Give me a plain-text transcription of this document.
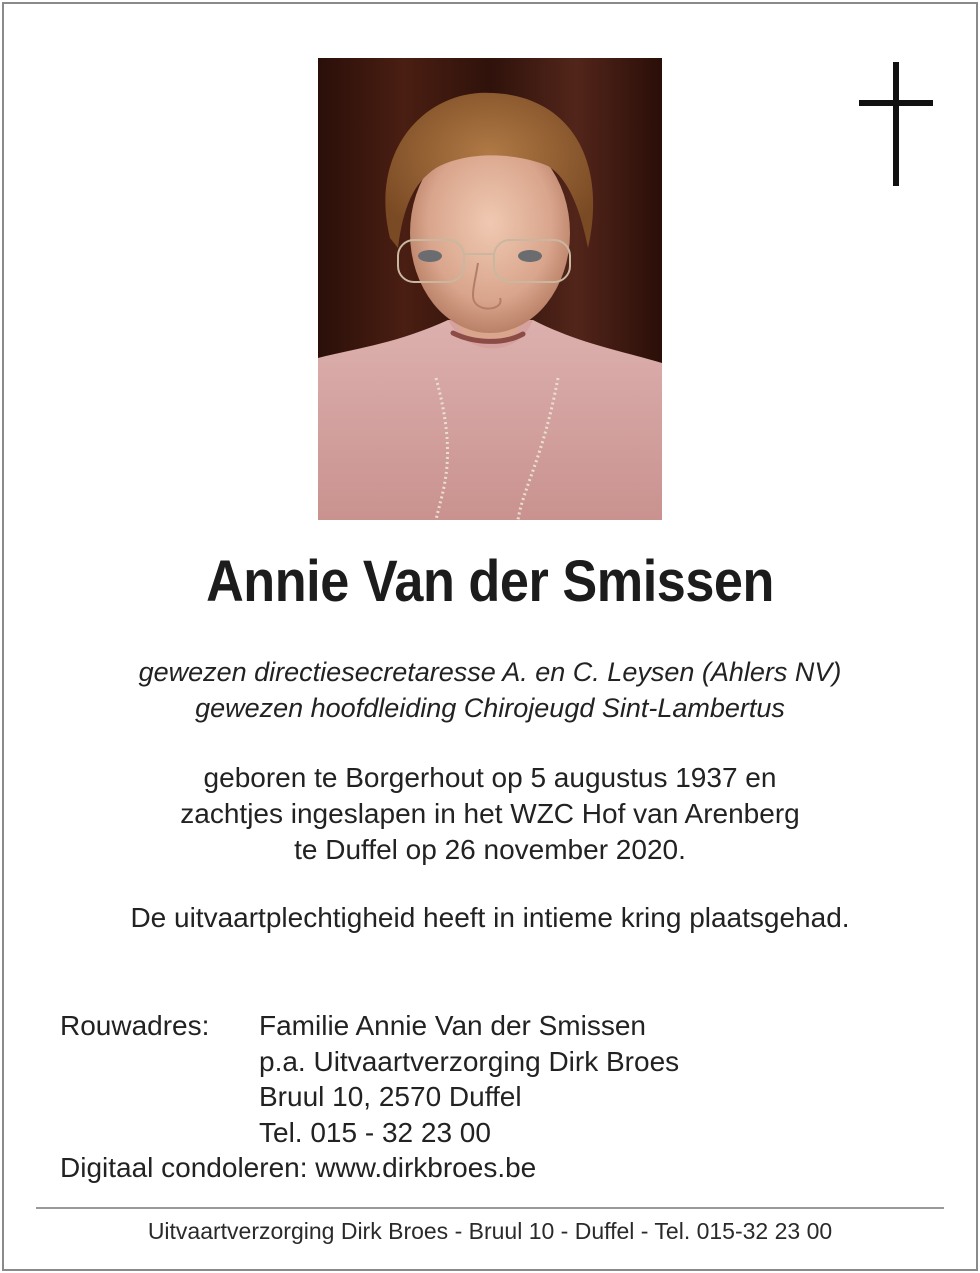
Annie Van der Smissen
gewezen directiesecretaresse A. en C. Leysen (Ahlers NV)
gewezen hoofdleiding Chirojeugd Sint-Lambertus
geboren te Borgerhout op 5 augustus 1937 en
zachtjes ingeslapen in het WZC Hof van Arenberg
te Duffel op 26 november 2020.
De uitvaartplechtigheid heeft in intieme kring plaatsgehad.
Rouwadres:	Familie Annie Van der Smissen
p.a. Uitvaartverzorging Dirk Broes
Bruul 10, 2570 Duffel
Tel. 015 - 32 23 00
Digitaal condoleren: www.dirkbroes.be
Uitvaartverzorging Dirk Broes - Bruul 10 - Duffel - Tel. 015-32 23 00
